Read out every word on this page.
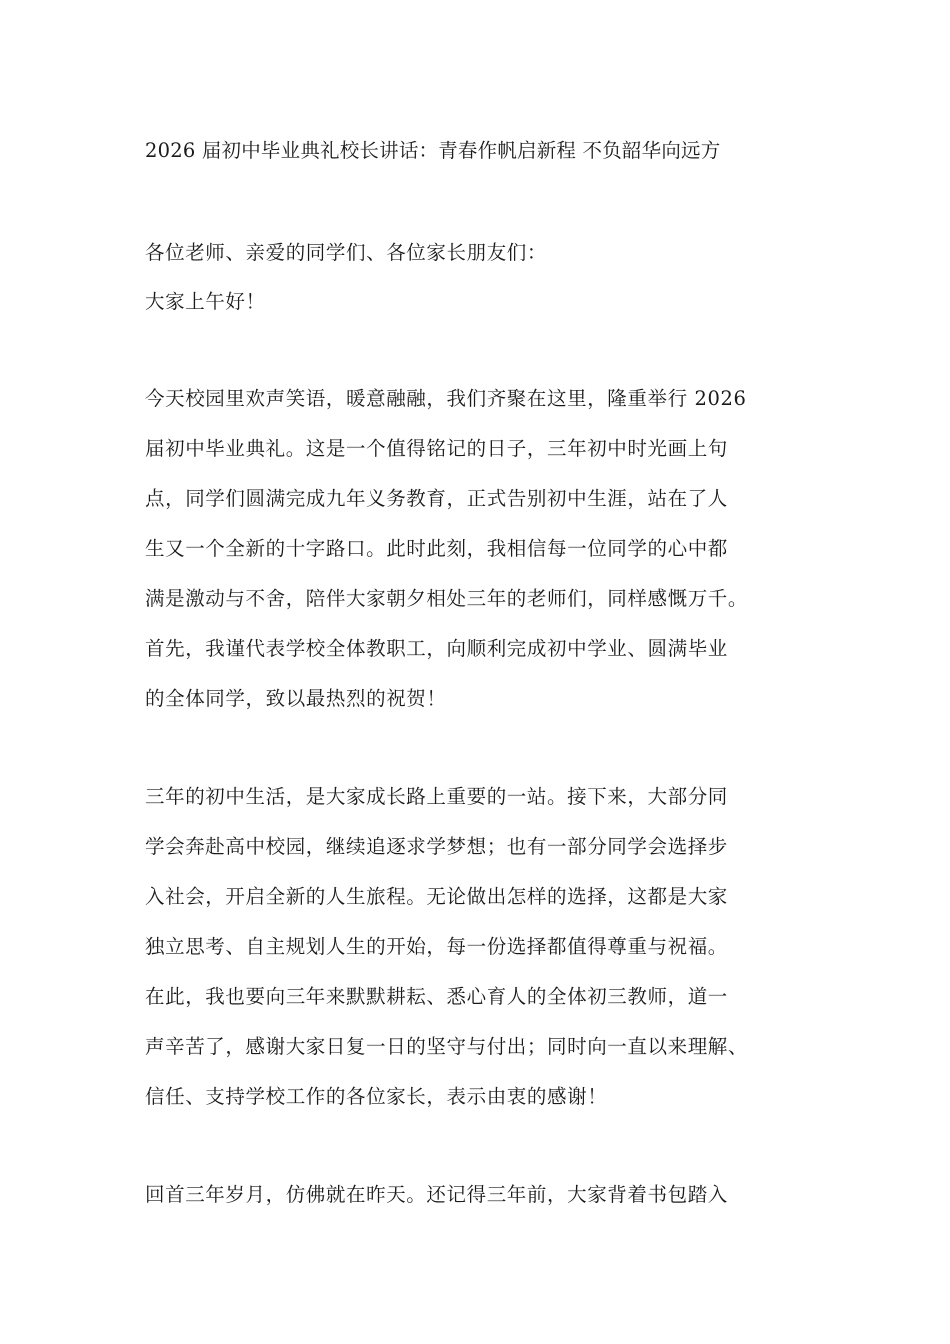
2026 届初中毕业典礼校长讲话：青春作帆启新程 不负韶华向远方
各位老师、亲爱的同学们、各位家长朋友们：
大家上午好！
今天校园里欢声笑语，暖意融融，我们齐聚在这里，隆重举行 2026
届初中毕业典礼。这是一个值得铭记的日子，三年初中时光画上句
点，同学们圆满完成九年义务教育，正式告别初中生涯，站在了人
生又一个全新的十字路口。此时此刻，我相信每一位同学的心中都
满是激动与不舍，陪伴大家朝夕相处三年的老师们，同样感慨万千。
首先，我谨代表学校全体教职工，向顺利完成初中学业、圆满毕业
的全体同学，致以最热烈的祝贺！
三年的初中生活，是大家成长路上重要的一站。接下来，大部分同
学会奔赴高中校园，继续追逐求学梦想；也有一部分同学会选择步
入社会，开启全新的人生旅程。无论做出怎样的选择，这都是大家
独立思考、自主规划人生的开始，每一份选择都值得尊重与祝福。
在此，我也要向三年来默默耕耘、悉心育人的全体初三教师，道一
声辛苦了，感谢大家日复一日的坚守与付出；同时向一直以来理解、
信任、支持学校工作的各位家长，表示由衷的感谢！
回首三年岁月，仿佛就在昨天。还记得三年前，大家背着书包踏入
